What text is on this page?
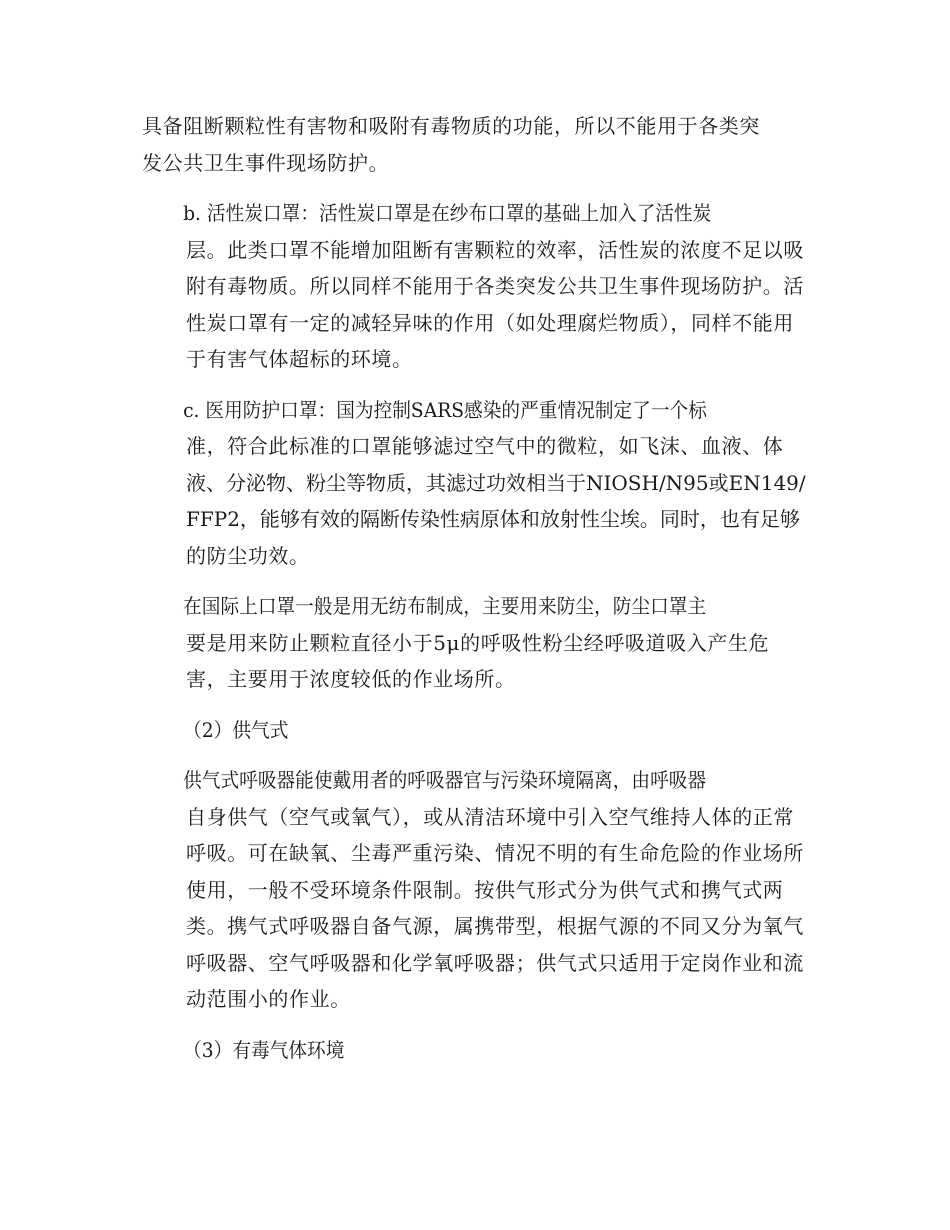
具备阻断颗粒性有害物和吸附有毒物质的功能，所以不能用于各类突
发公共卫生事件现场防护。

b. 活性炭口罩：活性炭口罩是在纱布口罩的基础上加入了活性炭
层。此类口罩不能增加阻断有害颗粒的效率，活性炭的浓度不足以吸
附有毒物质。所以同样不能用于各类突发公共卫生事件现场防护。活
性炭口罩有一定的减轻异味的作用（如处理腐烂物质），同样不能用
于有害气体超标的环境。

c. 医用防护口罩：国为控制SARS感染的严重情况制定了一个标
准，符合此标准的口罩能够滤过空气中的微粒，如飞沫、血液、体
液、分泌物、粉尘等物质，其滤过功效相当于NIOSH/N95或EN149/
FFP2，能够有效的隔断传染性病原体和放射性尘埃。同时，也有足够
的防尘功效。

在国际上口罩一般是用无纺布制成，主要用来防尘，防尘口罩主
要是用来防止颗粒直径小于5μ的呼吸性粉尘经呼吸道吸入产生危
害，主要用于浓度较低的作业场所。

（2）供气式

供气式呼吸器能使戴用者的呼吸器官与污染环境隔离，由呼吸器
自身供气（空气或氧气），或从清洁环境中引入空气维持人体的正常
呼吸。可在缺氧、尘毒严重污染、情况不明的有生命危险的作业场所
使用，一般不受环境条件限制。按供气形式分为供气式和携气式两
类。携气式呼吸器自备气源，属携带型，根据气源的不同又分为氧气
呼吸器、空气呼吸器和化学氧呼吸器；供气式只适用于定岗作业和流
动范围小的作业。

（3）有毒气体环境
